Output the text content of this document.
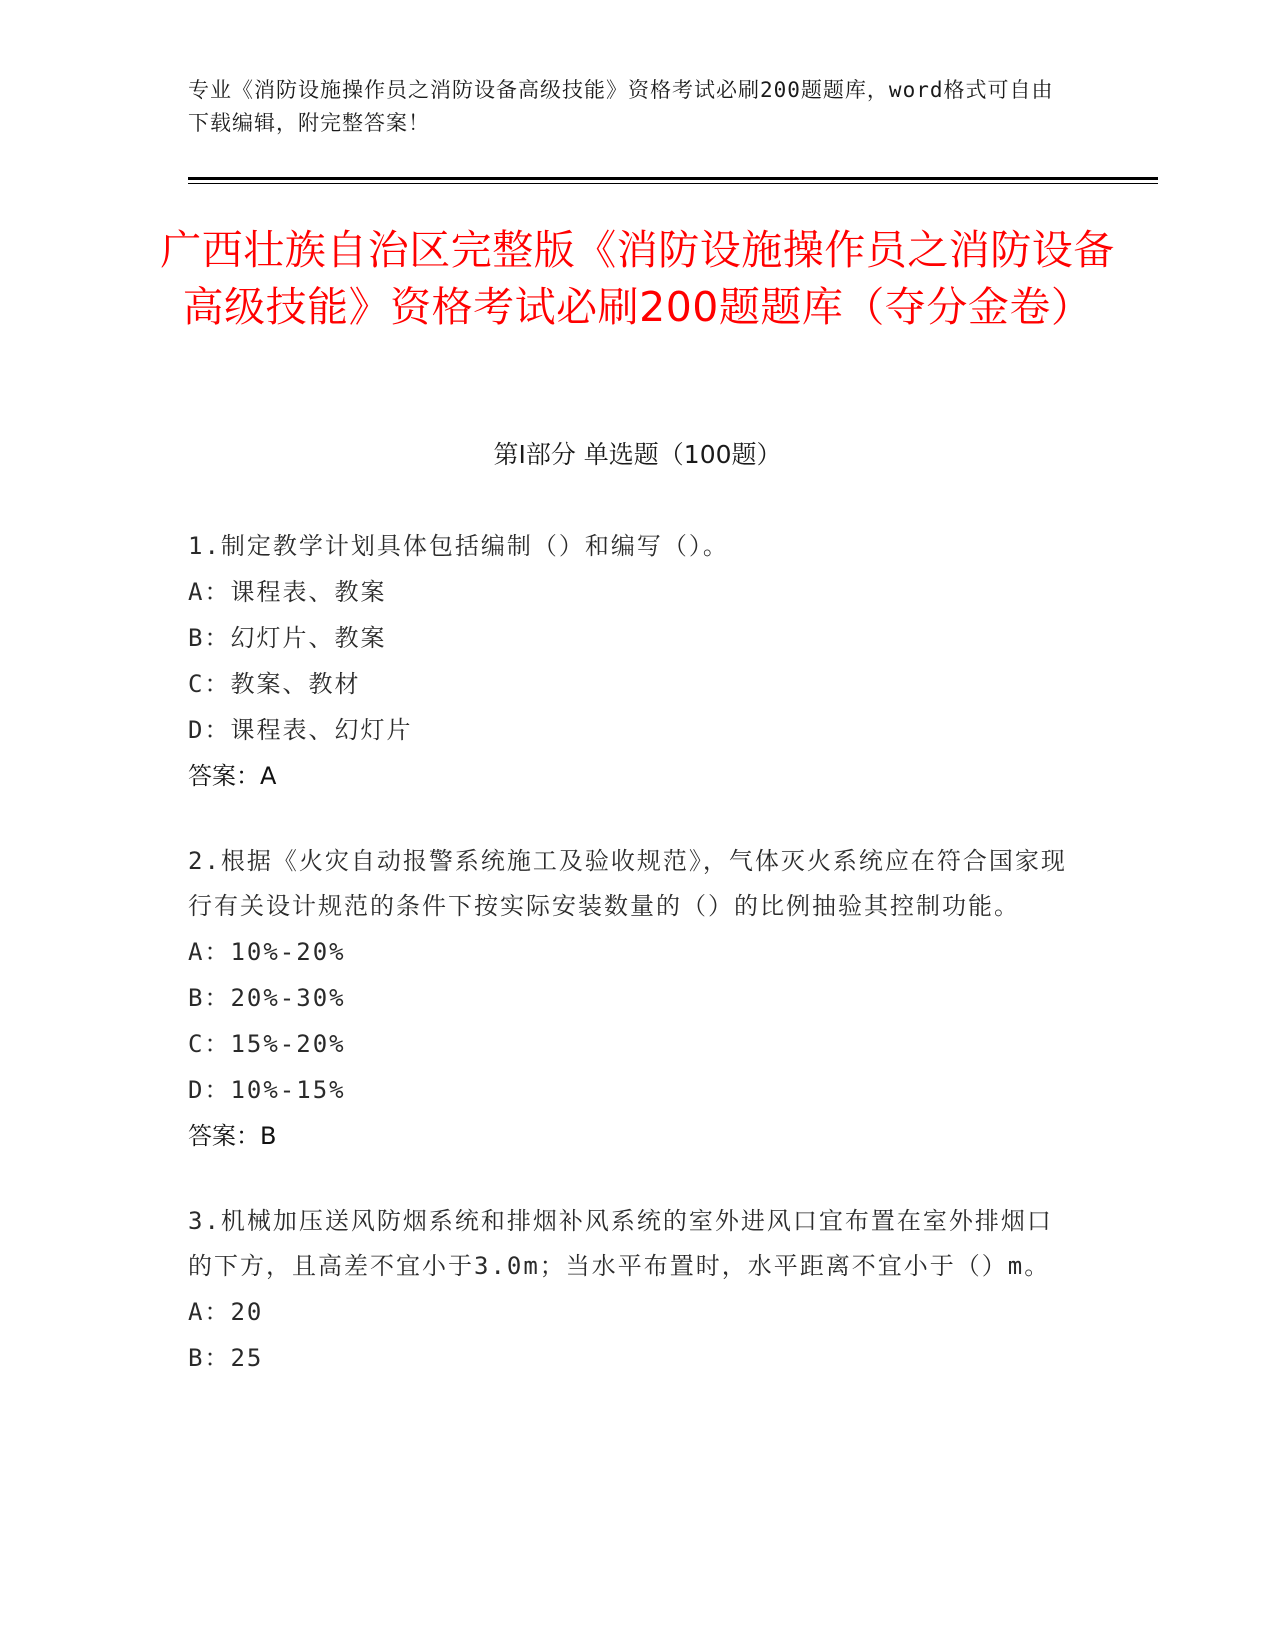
专业《消防设施操作员之消防设备高级技能》资格考试必刷200题题库，word格式可自由下载编辑，附完整答案！
广西壮族自治区完整版《消防设施操作员之消防设备高级技能》资格考试必刷200题题库（夺分金卷）
第I部分 单选题（100题）
1.制定教学计划具体包括编制（）和编写（）。
A：课程表、教案
B：幻灯片、教案
C：教案、教材
D：课程表、幻灯片
答案：A
2.根据《火灾自动报警系统施工及验收规范》，气体灭火系统应在符合国家现行有关设计规范的条件下按实际安装数量的（）的比例抽验其控制功能。
A：10%-20%
B：20%-30%
C：15%-20%
D：10%-15%
答案：B
3.机械加压送风防烟系统和排烟补风系统的室外进风口宜布置在室外排烟口的下方，且高差不宜小于3.0m；当水平布置时，水平距离不宜小于（）m。
A：20
B：25
